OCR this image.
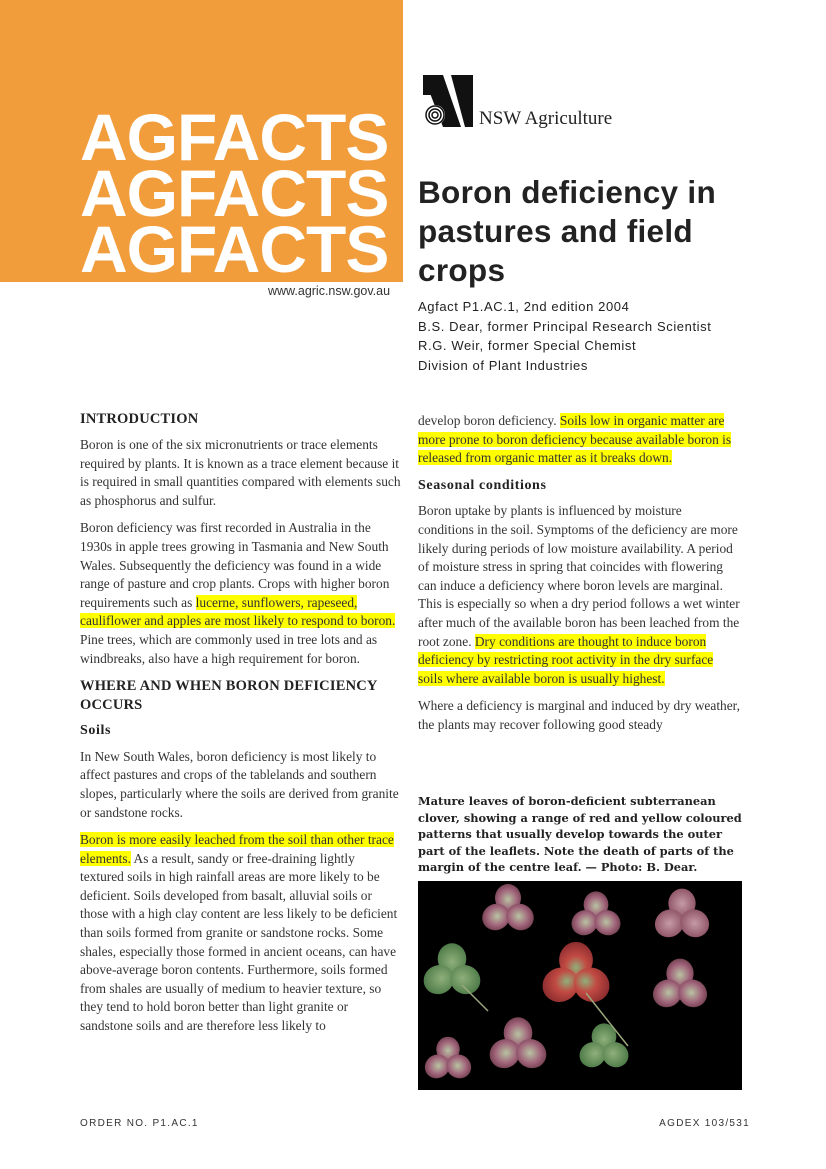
AGFACTS
AGFACTS
AGFACTS
www.agric.nsw.gov.au
NSW Agriculture
Boron deficiency in pastures and field crops
Agfact P1.AC.1, 2nd edition 2004
B.S. Dear, former Principal Research Scientist
R.G. Weir, former Special Chemist
Division of Plant Industries
INTRODUCTION

Boron is one of the six micronutrients or trace elements required by plants. It is known as a trace element because it is required in small quantities compared with elements such as phosphorus and sulfur.

Boron deficiency was first recorded in Australia in the 1930s in apple trees growing in Tasmania and New South Wales. Subsequently the deficiency was found in a wide range of pasture and crop plants. Crops with higher boron requirements such as lucerne, sunflowers, rapeseed, cauliflower and apples are most likely to respond to boron. Pine trees, which are commonly used in tree lots and as windbreaks, also have a high requirement for boron.

WHERE AND WHEN BORON DEFICIENCY OCCURS
Soils

In New South Wales, boron deficiency is most likely to affect pastures and crops of the tablelands and southern slopes, particularly where the soils are derived from granite or sandstone rocks.

Boron is more easily leached from the soil than other trace elements. As a result, sandy or free-draining lightly textured soils in high rainfall areas are more likely to be deficient. Soils developed from basalt, alluvial soils or those with a high clay content are less likely to be deficient than soils formed from granite or sandstone rocks. Some shales, especially those formed in ancient oceans, can have above-average boron contents. Furthermore, soils formed from shales are usually of medium to heavier texture, so they tend to hold boron better than light granite or sandstone soils and are therefore less likely to

develop boron deficiency. Soils low in organic matter are more prone to boron deficiency because available boron is released from organic matter as it breaks down.

Seasonal conditions

Boron uptake by plants is influenced by moisture conditions in the soil. Symptoms of the deficiency are more likely during periods of low moisture availability. A period of moisture stress in spring that coincides with flowering can induce a deficiency where boron levels are marginal. This is especially so when a dry period follows a wet winter after much of the available boron has been leached from the root zone. Dry conditions are thought to induce boron deficiency by restricting root activity in the dry surface soils where available boron is usually highest.

Where a deficiency is marginal and induced by dry weather, the plants may recover following good steady

Mature leaves of boron-deficient subterranean clover, showing a range of red and yellow coloured patterns that usually develop towards the outer part of the leaflets. Note the death of parts of the margin of the centre leaf. — Photo: B. Dear.
ORDER NO. P1.AC.1	AGDEX 103/531
